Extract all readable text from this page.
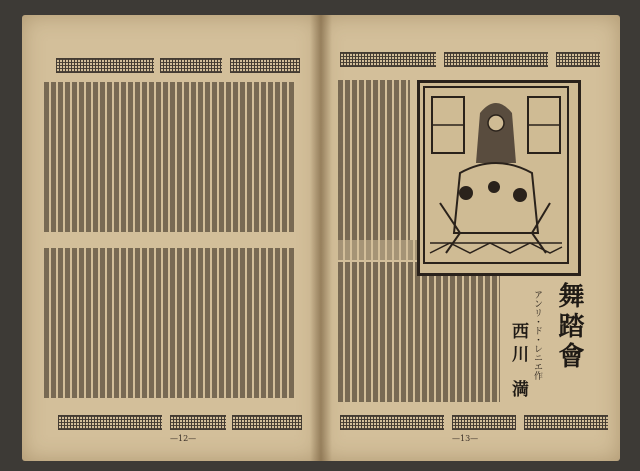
舞踏會
アンリ・ド・レニエ作
西川 満
—12—	—13—
